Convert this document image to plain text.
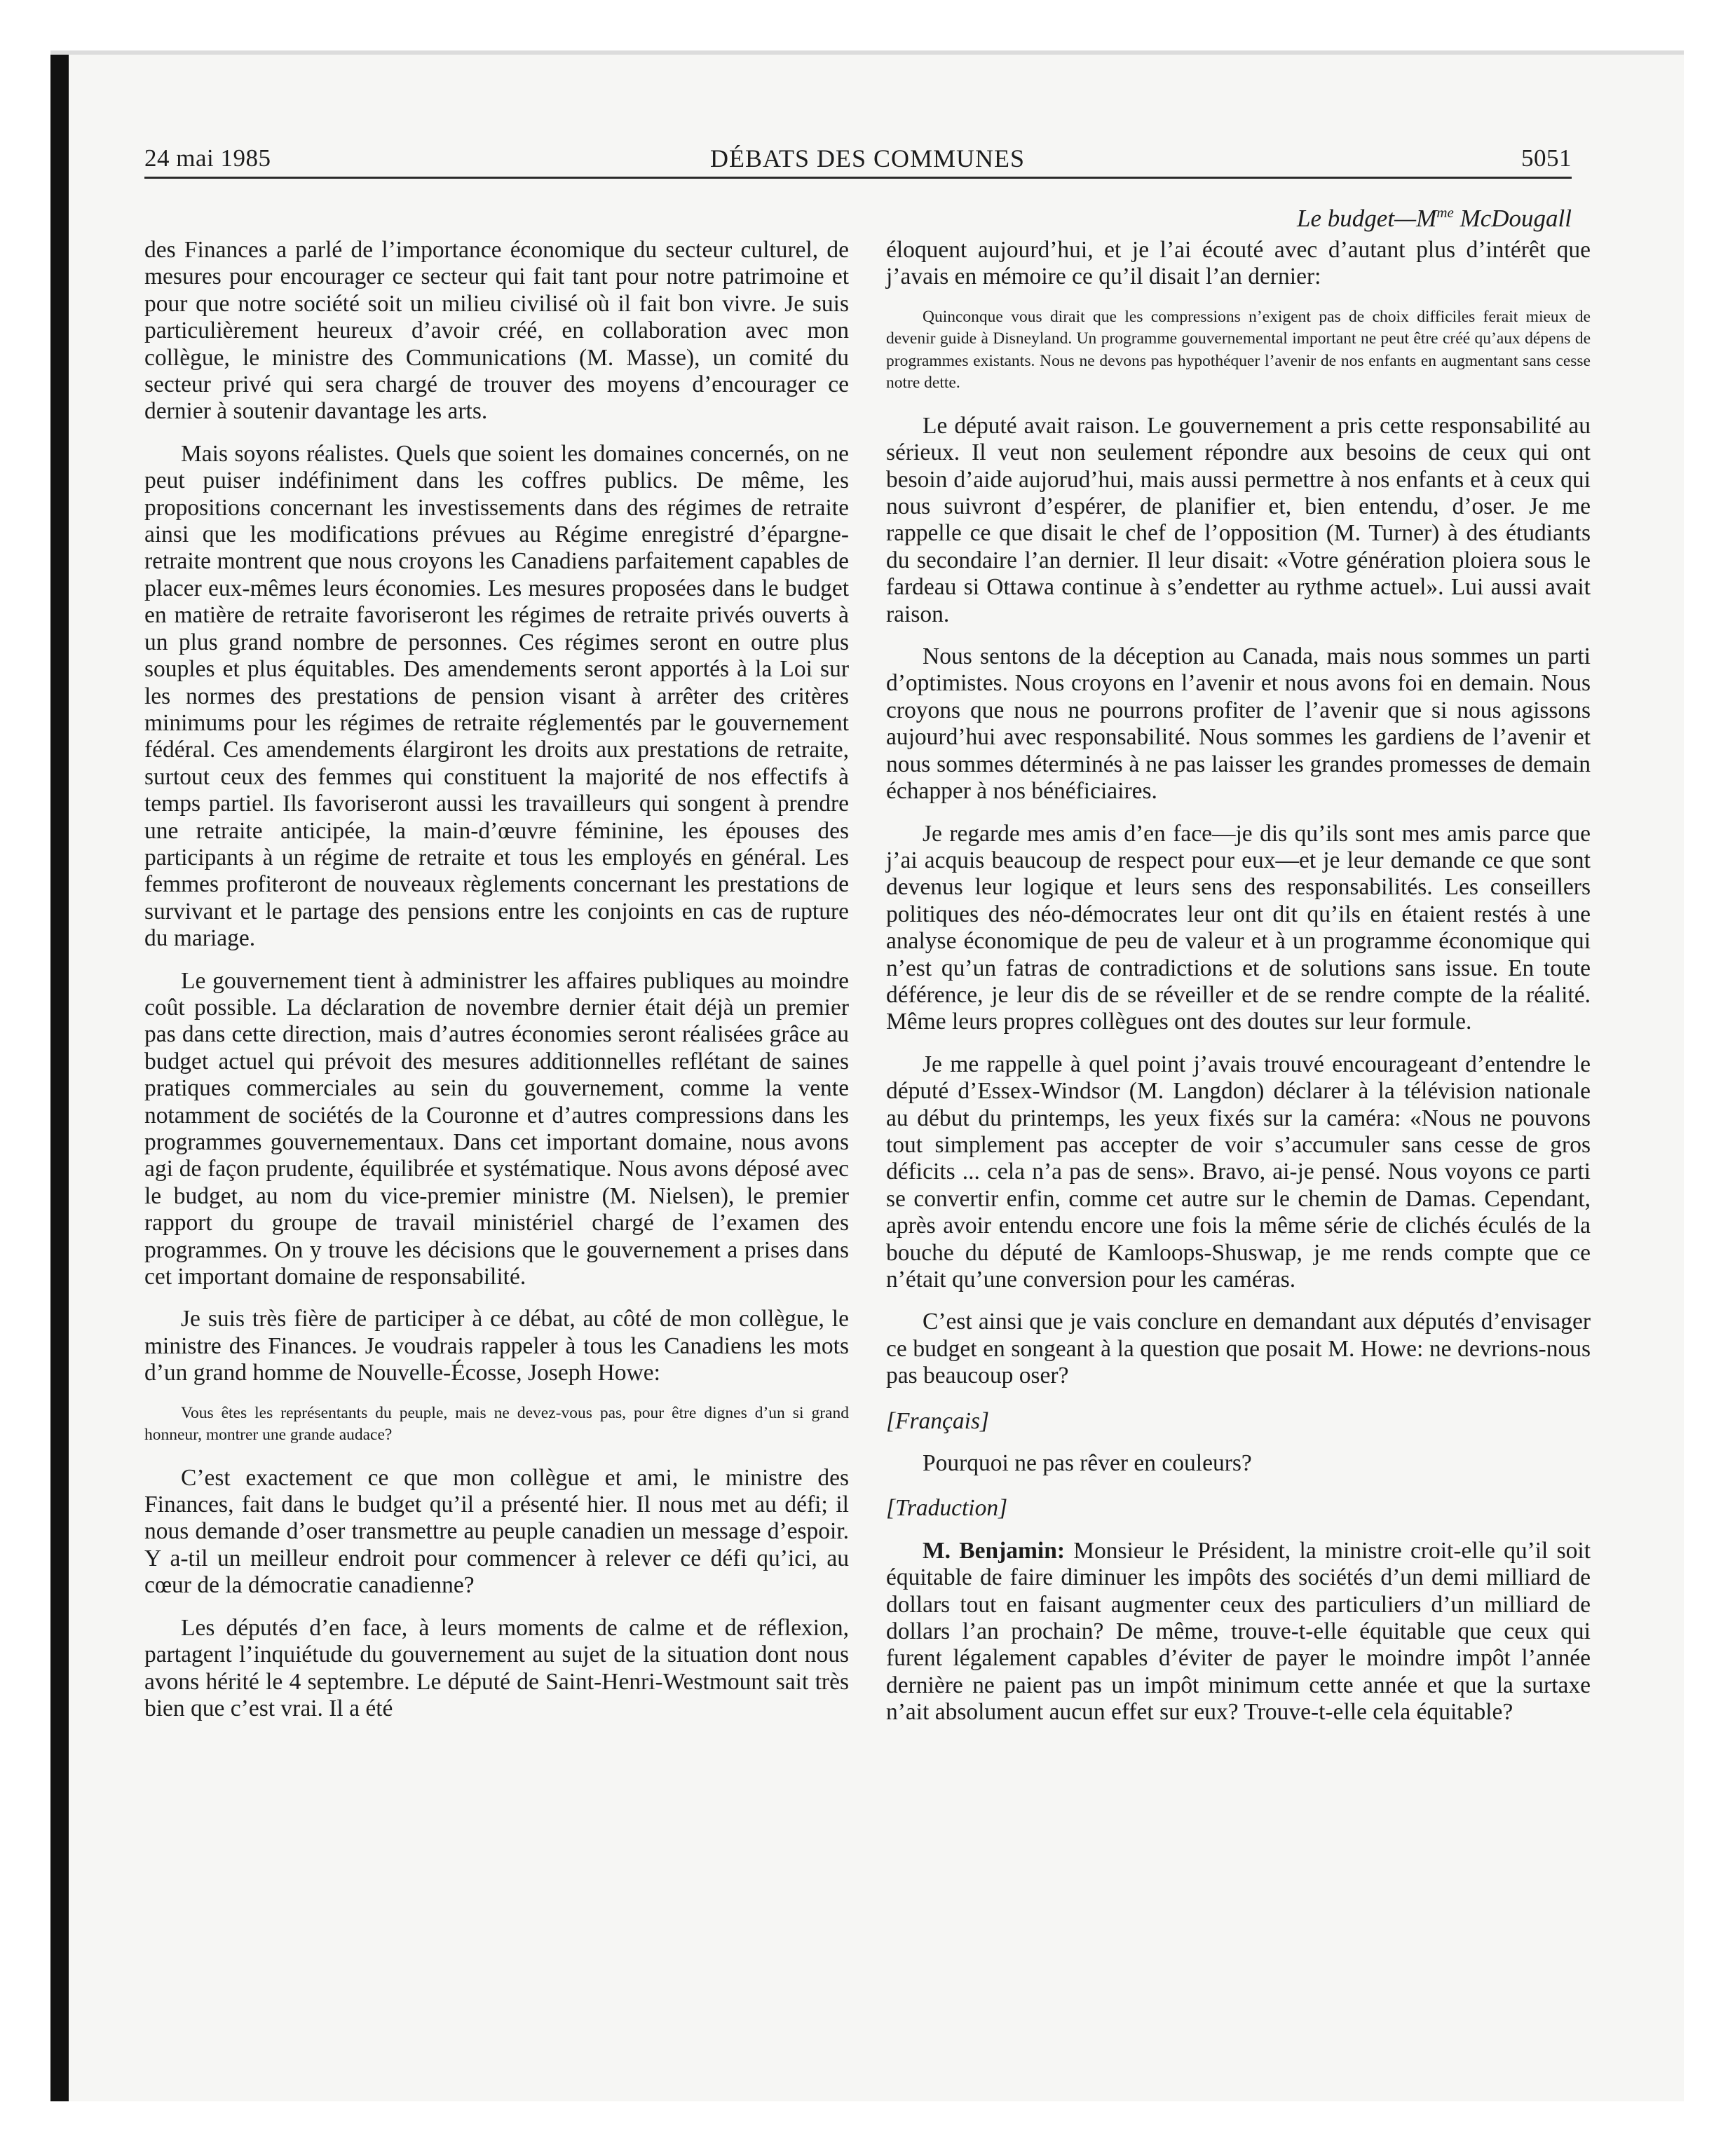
24 mai 1985	DÉBATS DES COMMUNES	5051
Le $budget—M^{me}$ McDougall

des Finances a parlé de l’importance économique du secteur culturel, de mesures pour encourager ce secteur qui fait tant pour notre patrimoine et pour que notre société soit un milieu civilisé où il fait bon vivre. Je suis particulièrement heureux d’avoir créé, en collaboration avec mon collègue, le ministre des Communications (M. Masse), un comité du secteur privé qui sera chargé de trouver des moyens d’encourager ce dernier à soutenir davantage les arts.

Mais soyons réalistes. Quels que soient les domaines concernés, on ne peut puiser indéfiniment dans les coffres publics. De même, les propositions concernant les investissements dans des régimes de retraite ainsi que les modifications prévues au Régime enregistré d’épargne-retraite montrent que nous croyons les Canadiens parfaitement capables de placer eux-mêmes leurs économies. Les mesures proposées dans le budget en matière de retraite favoriseront les régimes de retraite privés ouverts à un plus grand nombre de personnes. Ces régimes seront en outre plus souples et plus équitables. Des amendements seront apportés à la Loi sur les normes des prestations de pension visant à arrêter des critères minimums pour les régimes de retraite réglementés par le gouvernement fédéral. Ces amendements élargiront les droits aux prestations de retraite, surtout ceux des femmes qui constituent la majorité de nos effectifs à temps partiel. Ils favoriseront aussi les travailleurs qui songent à prendre une retraite anticipée, la main-d’œuvre féminine, les épouses des participants à un régime de retraite et tous les employés en général. Les femmes profiteront de nouveaux règlements concernant les prestations de survivant et le partage des pensions entre les conjoints en cas de rupture du mariage.

Le gouvernement tient à administrer les affaires publiques au moindre coût possible. La déclaration de novembre dernier était déjà un premier pas dans cette direction, mais d’autres économies seront réalisées grâce au budget actuel qui prévoit des mesures additionnelles reflétant de saines pratiques commerciales au sein du gouvernement, comme la vente notamment de sociétés de la Couronne et d’autres compressions dans les programmes gouvernementaux. Dans cet important domaine, nous avons agi de façon prudente, équilibrée et systématique. Nous avons déposé avec le budget, au nom du vice-premier ministre (M. Nielsen), le premier rapport du groupe de travail ministériel chargé de l’examen des programmes. On y trouve les décisions que le gouvernement a prises dans cet important domaine de responsabilité.

Je suis très fière de participer à ce débat, au côté de mon collègue, le ministre des Finances. Je voudrais rappeler à tous les Canadiens les mots d’un grand homme de Nouvelle-Écosse, Joseph Howe:

Vous êtes les représentants du peuple, mais ne devez-vous pas, pour être dignes d’un si grand honneur, montrer une grande audace?

C’est exactement ce que mon collègue et ami, le ministre des Finances, fait dans le budget qu’il a présenté hier. Il nous met au défi; il nous demande d’oser transmettre au peuple canadien un message d’espoir. Y a-til un meilleur endroit pour commencer à relever ce défi qu’ici, au cœur de la démocratie canadienne?

Les députés d’en face, à leurs moments de calme et de réflexion, partagent l’inquiétude du gouvernement au sujet de la situation dont nous avons hérité le 4 septembre. Le député de Saint-Henri-Westmount sait très bien que c’est vrai. Il a été

éloquent aujourd’hui, et je l’ai écouté avec d’autant plus d’intérêt que j’avais en mémoire ce qu’il disait l’an dernier:

Quinconque vous dirait que les compressions n’exigent pas de choix difficiles ferait mieux de devenir guide à Disneyland. Un programme gouvernemental important ne peut être créé qu’aux dépens de programmes existants. Nous ne devons pas hypothéquer l’avenir de nos enfants en augmentant sans cesse notre dette.

Le député avait raison. Le gouvernement a pris cette responsabilité au sérieux. Il veut non seulement répondre aux besoins de ceux qui ont besoin d’aide aujorud’hui, mais aussi permettre à nos enfants et à ceux qui nous suivront d’espérer, de planifier et, bien entendu, d’oser. Je me rappelle ce que disait le chef de l’opposition (M. Turner) à des étudiants du secondaire l’an dernier. Il leur disait: «Votre génération ploiera sous le fardeau si Ottawa continue à s’endetter au rythme actuel». Lui aussi avait raison.

Nous sentons de la déception au Canada, mais nous sommes un parti d’optimistes. Nous croyons en l’avenir et nous avons foi en demain. Nous croyons que nous ne pourrons profiter de l’avenir que si nous agissons aujourd’hui avec responsabilité. Nous sommes les gardiens de l’avenir et nous sommes déterminés à ne pas laisser les grandes promesses de demain échapper à nos bénéficiaires.

Je regarde mes amis d’en face—je dis qu’ils sont mes amis parce que j’ai acquis beaucoup de respect pour eux—et je leur demande ce que sont devenus leur logique et leurs sens des responsabilités. Les conseillers politiques des néo-démocrates leur ont dit qu’ils en étaient restés à une analyse économique de peu de valeur et à un programme économique qui n’est qu’un fatras de contradictions et de solutions sans issue. En toute déférence, je leur dis de se réveiller et de se rendre compte de la réalité. Même leurs propres collègues ont des doutes sur leur formule.

Je me rappelle à quel point j’avais trouvé encourageant d’entendre le député d’Essex-Windsor (M. Langdon) déclarer à la télévision nationale au début du printemps, les yeux fixés sur la caméra: «Nous ne pouvons tout simplement pas accepter de voir s’accumuler sans cesse de gros déficits ... cela n’a pas de sens». Bravo, ai-je pensé. Nous voyons ce parti se convertir enfin, comme cet autre sur le chemin de Damas. Cependant, après avoir entendu encore une fois la même série de clichés éculés de la bouche du député de Kamloops-Shuswap, je me rends compte que ce n’était qu’une conversion pour les caméras.

C’est ainsi que je vais conclure en demandant aux députés d’envisager ce budget en songeant à la question que posait M. Howe: ne devrions-nous pas beaucoup oser?

[Français]

Pourquoi ne pas rêver en couleurs?

[Traduction]

M. Benjamin: Monsieur le Président, la ministre croit-elle qu’il soit équitable de faire diminuer les impôts des sociétés d’un demi milliard de dollars tout en faisant augmenter ceux des particuliers d’un milliard de dollars l’an prochain? De même, trouve-t-elle équitable que ceux qui furent légalement capables d’éviter de payer le moindre impôt l’année dernière ne paient pas un impôt minimum cette année et que la surtaxe n’ait absolument aucun effet sur eux? Trouve-t-elle cela équitable?
